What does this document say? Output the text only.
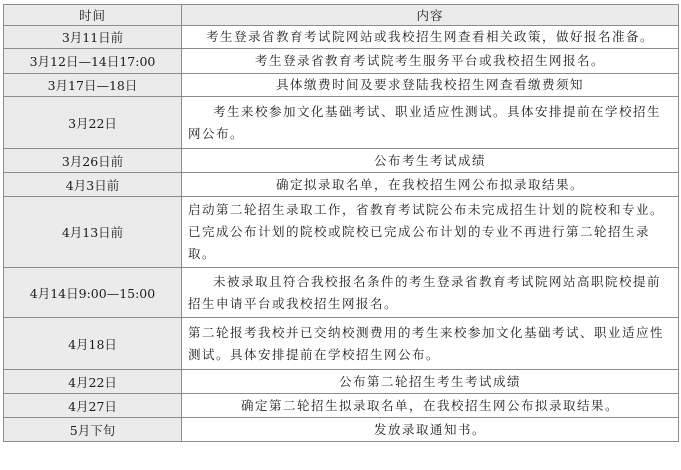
时间	内容
3月11日前	考生登录省教育考试院网站或我校招生网查看相关政策，做好报名准备。
3月12日—14日17:00	考生登录省教育考试院考生服务平台或我校招生网报名。
3月17日—18日	具体缴费时间及要求登陆我校招生网查看缴费须知
3月22日	考生来校参加文化基础考试、职业适应性测试。具体安排提前在学校招生网公布。
3月26日前	公布考生考试成绩
4月3日前	确定拟录取名单，在我校招生网公布拟录取结果。
4月13日前	启动第二轮招生录取工作，省教育考试院公布未完成招生计划的院校和专业。已完成公布计划的院校或院校已完成公布计划的专业不再进行第二轮招生录取。
4月14日9:00—15:00	未被录取且符合我校报名条件的考生登录省教育考试院网站高职院校提前招生申请平台或我校招生网报名。
4月18日	第二轮报考我校并已交纳校测费用的考生来校参加文化基础考试、职业适应性测试。具体安排提前在学校招生网公布。
4月22日	公布第二轮招生考生考试成绩
4月27日	确定第二轮招生拟录取名单，在我校招生网公布拟录取结果。
5月下旬	发放录取通知书。
